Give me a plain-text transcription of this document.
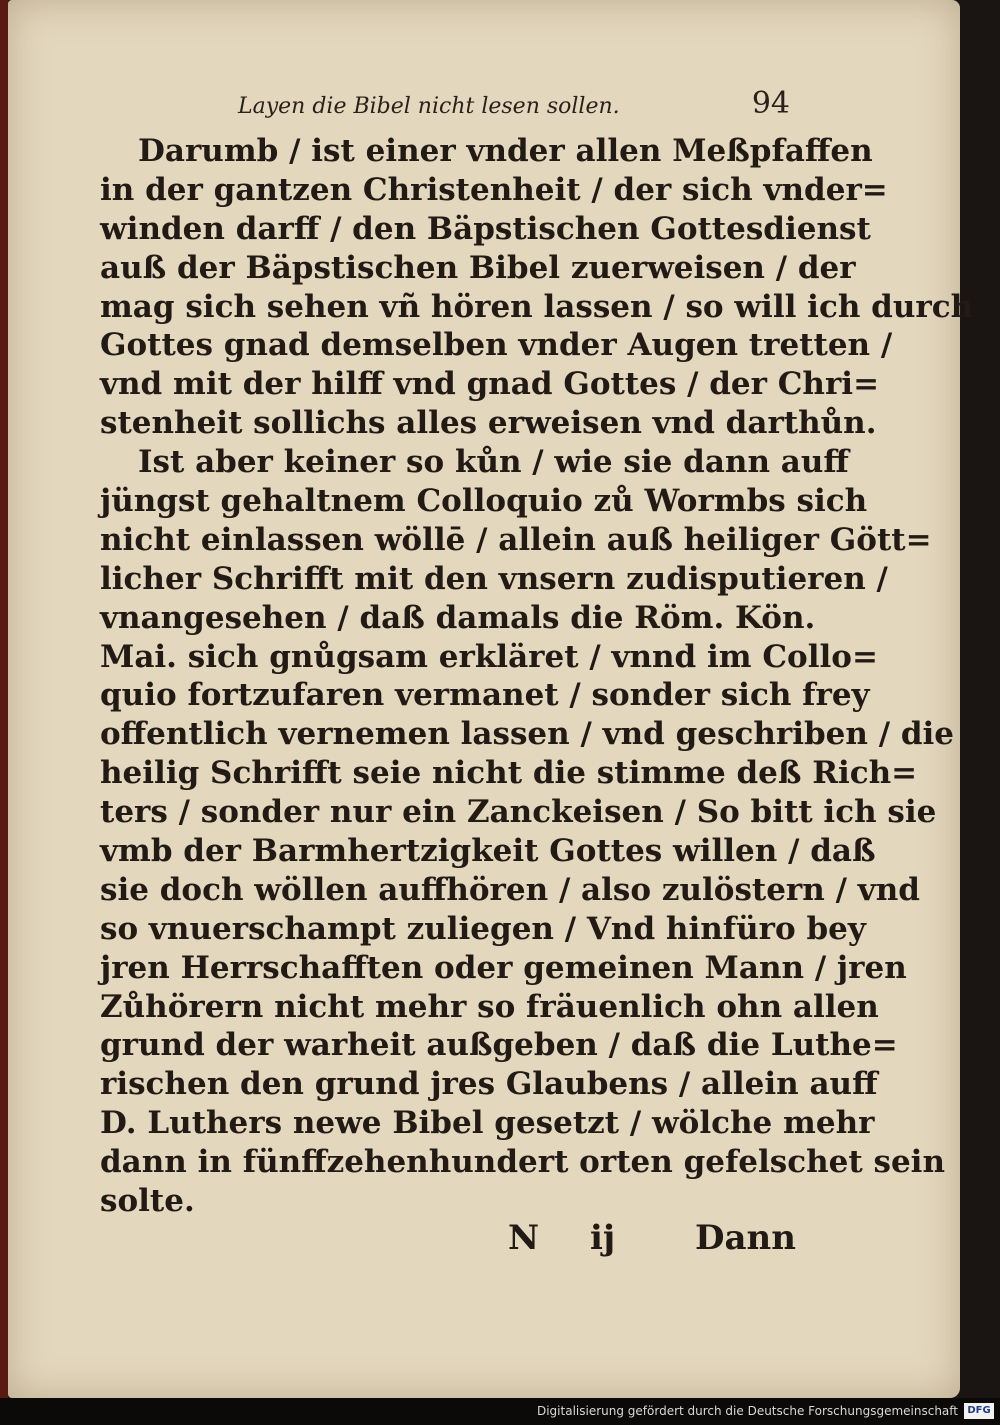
Layen die Bibel nicht lesen sollen.	94
Darumb / ist einer vnder allen Meßpfaffen
in der gantzen Christenheit / der sich vnder=
winden darff / den Bäpstischen Gottesdienst
auß der Bäpstischen Bibel zuerweisen / der
mag sich sehen vñ hören lassen / so will ich durch
Gottes gnad demselben vnder Augen tretten /
vnd mit der hilff vnd gnad Gottes / der Chri=
stenheit sollichs alles erweisen vnd darthůn.
Ist aber keiner so kůn / wie sie dann auff
jüngst gehaltnem Colloquio zů Wormbs sich
nicht einlassen wöllē / allein auß heiliger Gött=
licher Schrifft mit den vnsern zudisputieren /
vnangesehen / daß damals die Röm. Kön.
Mai. sich gnůgsam erkläret / vnnd im Collo=
quio fortzufaren vermanet / sonder sich frey
offentlich vernemen lassen / vnd geschriben / die
heilig Schrifft seie nicht die stimme deß Rich=
ters / sonder nur ein Zanckeisen / So bitt ich sie
vmb der Barmhertzigkeit Gottes willen / daß
sie doch wöllen auffhören / also zulöstern / vnd
so vnuerschampt zuliegen / Vnd hinfüro bey
jren Herrschafften oder gemeinen Mann / jren
Zůhörern nicht mehr so fräuenlich ohn allen
grund der warheit außgeben / daß die Luthe=
rischen den grund jres Glaubens / allein auff
D. Luthers newe Bibel gesetzt / wölche mehr
dann in fünffzehenhundert orten gefelschet sein
solte.
N ij Dann
Digitalisierung gefördert durch die Deutsche Forschungsgemeinschaft DFG
